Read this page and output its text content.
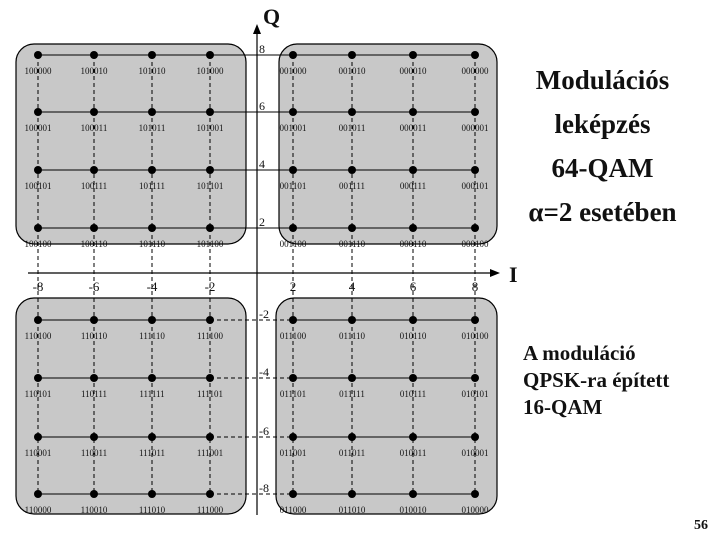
Q
I
-8	-6	-4	-2	2	4	6	8
8
6
4
2
-2
-4
-6
-8
100000	100010	101010	101000	001000	001010	000010	000000
100001	100011	101011	101001	001001	001011	000011	000001
100101	100111	101111	101101	001101	001111	000111	000101
100100	100110	101110	101100	001100	001110	000110	000100
110100	110110	111110	111100	011100	011110	010110	010100
110101	110111	111111	111101	011101	011111	010111	010101
110001	110011	111011	111001	011001	011011	010011	010001
110000	110010	111010	111000	011000	011010	010010	010000
Modulációs
leképzés
64-QAM
α=2 esetében
A moduláció
QPSK-ra épített
16-QAM
56
